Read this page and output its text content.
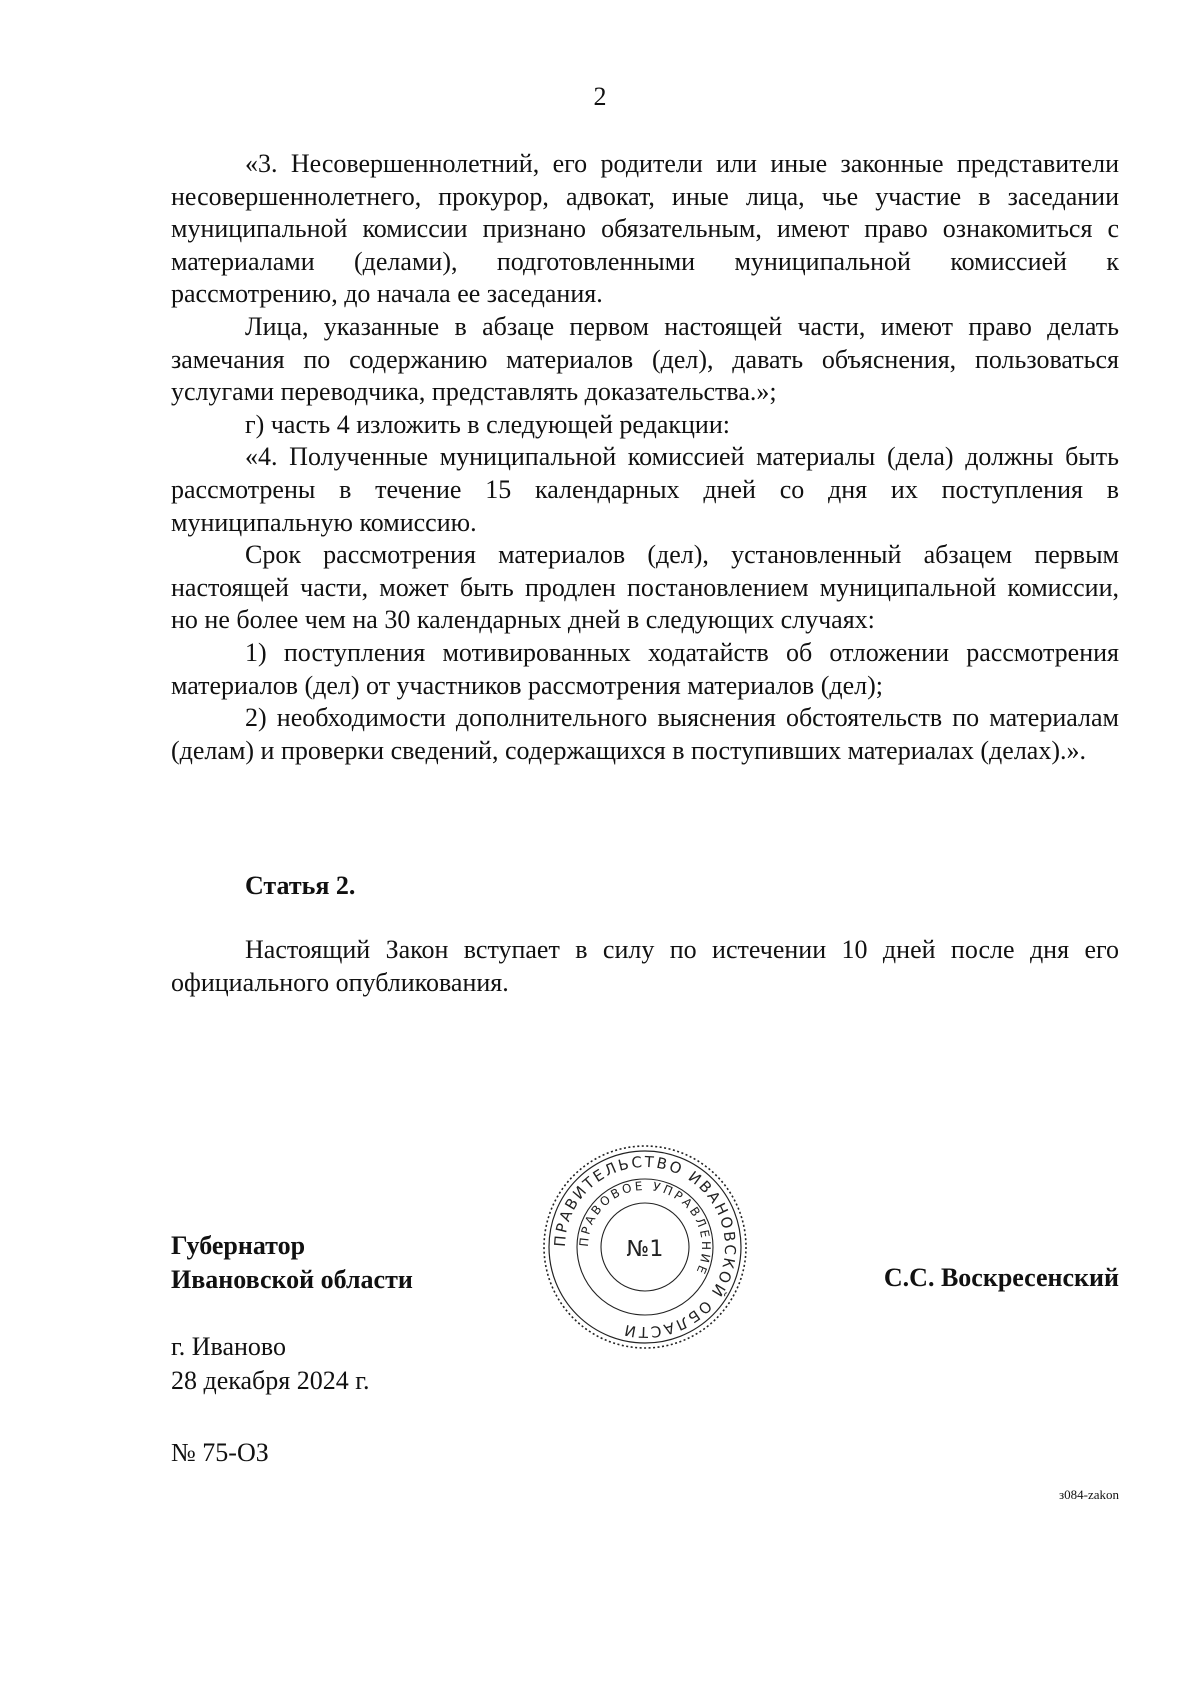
2

«3. Несовершеннолетний, его родители или иные законные представители несовершеннолетнего, прокурор, адвокат, иные лица, чье участие в заседании муниципальной комиссии признано обязательным, имеют право ознакомиться с материалами (делами), подготовленными муниципальной комиссией к рассмотрению, до начала ее заседания.

Лица, указанные в абзаце первом настоящей части, имеют право делать замечания по содержанию материалов (дел), давать объяснения, пользоваться услугами переводчика, представлять доказательства.»;

г) часть 4 изложить в следующей редакции:

«4. Полученные муниципальной комиссией материалы (дела) должны быть рассмотрены в течение 15 календарных дней со дня их поступления в муниципальную комиссию.

Срок рассмотрения материалов (дел), установленный абзацем первым настоящей части, может быть продлен постановлением муниципальной комиссии, но не более чем на 30 календарных дней в следующих случаях:

1) поступления мотивированных ходатайств об отложении рассмотрения материалов (дел) от участников рассмотрения материалов (дел);

2) необходимости дополнительного выяснения обстоятельств по материалам (делам) и проверки сведений, содержащихся в поступивших материалах (делах).».

Статья 2.

Настоящий Закон вступает в силу по истечении 10 дней после дня его официального опубликования.

Губернатор
Ивановской области
ПРАВИТЕЛЬСТВО ИВАНОВСКОЙ ОБЛАСТИ
ПРАВОВОЕ УПРАВЛЕНИЕ
№1
С.С. Воскресенский
г. Иваново
28 декабря 2024 г.
№ 75-ОЗ
з084-zakon
